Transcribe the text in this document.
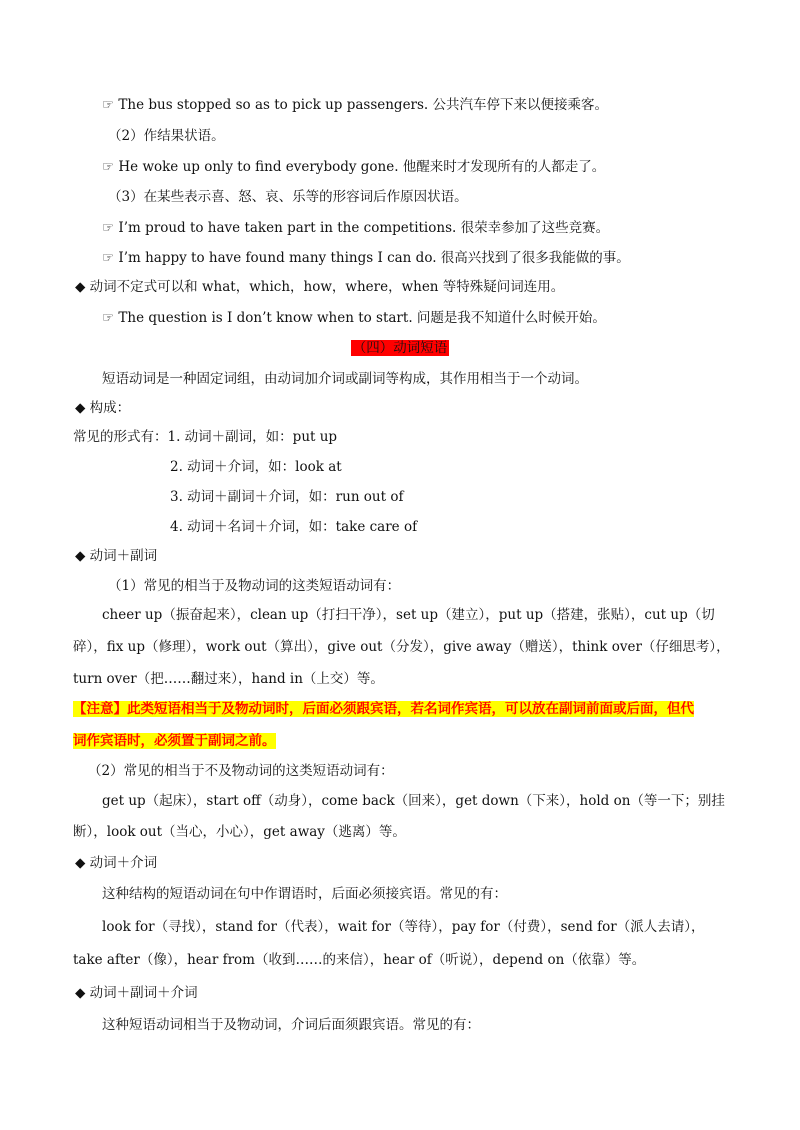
☞ The bus stopped so as to pick up passengers. 公共汽车停下来以便接乘客。
（2）作结果状语。
☞ He woke up only to find everybody gone. 他醒来时才发现所有的人都走了。
（3）在某些表示喜、怒、哀、乐等的形容词后作原因状语。
☞ I’m proud to have taken part in the competitions. 很荣幸参加了这些竞赛。
☞ I’m happy to have found many things I can do. 很高兴找到了很多我能做的事。
◆ 动词不定式可以和 what，which，how，where，when 等特殊疑问词连用。
☞ The question is I don’t know when to start. 问题是我不知道什么时候开始。
（四）动词短语
短语动词是一种固定词组，由动词加介词或副词等构成，其作用相当于一个动词。
◆ 构成：
常见的形式有：1. 动词＋副词，如：put up
2. 动词＋介词，如：look at
3. 动词＋副词＋介词，如：run out of
4. 动词＋名词＋介词，如：take care of
◆ 动词＋副词
（1）常见的相当于及物动词的这类短语动词有：
cheer up（振奋起来），clean up（打扫干净），set up（建立），put up（搭建，张贴），cut up（切
碎），fix up（修理），work out（算出），give out（分发），give away（赠送），think over（仔细思考），
turn over（把……翻过来），hand in（上交）等。
【注意】此类短语相当于及物动词时，后面必须跟宾语，若名词作宾语，可以放在副词前面或后面，但代
词作宾语时，必须置于副词之前。
（2）常见的相当于不及物动词的这类短语动词有：
get up（起床），start off（动身），come back（回来），get down（下来），hold on（等一下；别挂
断），look out（当心，小心），get away（逃离）等。
◆ 动词＋介词
这种结构的短语动词在句中作谓语时，后面必须接宾语。常见的有：
look for（寻找），stand for（代表），wait for（等待），pay for（付费），send for（派人去请），
take after（像），hear from（收到……的来信），hear of（听说），depend on（依靠）等。
◆ 动词＋副词＋介词
这种短语动词相当于及物动词，介词后面须跟宾语。常见的有：
